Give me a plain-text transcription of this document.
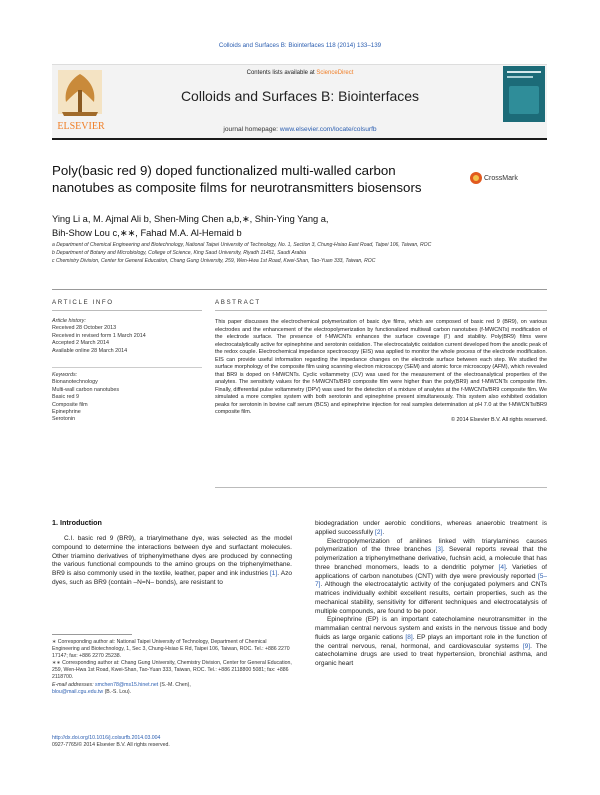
Colloids and Surfaces B: Biointerfaces 118 (2014) 133–139
ELSEVIER
Contents lists available at ScienceDirect
Colloids and Surfaces B: Biointerfaces
journal homepage: www.elsevier.com/locate/colsurfb
Poly(basic red 9) doped functionalized multi-walled carbon nanotubes as composite films for neurotransmitters biosensors
CrossMark
Ying Li a, M. Ajmal Ali b, Shen-Ming Chen a,b,∗, Shin-Ying Yang a,
Bih-Show Lou c,∗∗, Fahad M.A. Al-Hemaid b
a Department of Chemical Engineering and Biotechnology, National Taipei University of Technology, No. 1, Section 3, Chung-Hsiao East Road, Taipei 106, Taiwan, ROC
b Department of Botany and Microbiology, College of Science, King Saud University, Riyadh 11451, Saudi Arabia
c Chemistry Division, Center for General Education, Chang Gung University, 259, Wen-Hwa 1st Road, Kwei-Shan, Tao-Yuan 333, Taiwan, ROC
ARTICLE INFO	ABSTRACT
Article history:
Received 28 October 2013
Received in revised form 1 March 2014
Accepted 2 March 2014
Available online 28 March 2014
Keywords:
Bionanotechnology
Multi-wall carbon nanotubes
Basic red 9
Composite film
Epinephrine
Serotonin
This paper discusses the electrochemical polymerization of basic dye films, which are composed of basic red 9 (BR9), on various electrodes and the enhancement of the electropolymerization by functionalized multiwall carbon nanotubes (f-MWCNTs) modification of the electrode surface. The presence of f-MWCNTs enhances the surface coverage (Γ) and stability. Poly(BR9) films were electrocatalytically active for epinephrine and serotonin oxidation. The electrocatalytic oxidation current developed from the anodic peak of the redox couple. Electrochemical impedance spectroscopy (EIS) was applied to monitor the whole process of the electrode modification. EIS can provide useful information regarding the impedance changes on the electrode surface between each step. We studied the surface morphology of the composite film using scanning electron microscopy (SEM) and atomic force microscopy (AFM), which revealed that BR9 is doped on f-MWCNTs. Cyclic voltammetry (CV) was used for the measurement of the electroanalytical properties of the analytes. The sensitivity values for the f-MWCNTs/BR9 composite film were higher than the poly(BR9) and f-MWCNTs composite film. Finally, differential pulse voltammetry (DPV) was used for the detection of a mixture of analytes at the f-MWCNTs/BR9 composite film. We simulated a more complex system with both serotonin and epinephrine present simultaneously. This system also exhibited oxidation peaks for serotonin in bovine calf serum (BCS) and epinephrine injection for real samples determination at pH 7.0 at the f-MWCNTs/BR9 composite film.
© 2014 Elsevier B.V. All rights reserved.
1. Introduction

C.I. basic red 9 (BR9), a triarylmethane dye, was selected as the model compound to determine the interactions between dye and surfactant molecules. Other triamino derivatives of triphenylmethane dyes are produced by connecting the various functional compounds to the amino groups on the triphenylmethane. BR9 is also commonly used in the textile, leather, paper and ink industries [1]. Azo dyes, such as BR9 (contain –N=N– bonds), are resistant to

∗ Corresponding author at: National Taipei University of Technology, Department of Chemical Engineering and Biotechnology, 1, Sec 3, Chung-Hsiao E Rd, Taipei 106, Taiwan, ROC. Tel.: +886 2270 17147; fax: +886 2270 25238.
∗∗ Corresponding author at: Chang Gung University, Chemistry Division, Center for General Education, 259, Wen-Hwa 1st Road, Kwei-Shan, Tao-Yuan 333, Taiwan, ROC. Tel.: +886 2118800 5081; fax: +886 2118700.
E-mail addresses: smchen78@ms15.hinet.net (S.-M. Chen),
blou@mail.cgu.edu.tw (B.-S. Lou).
http://dx.doi.org/10.1016/j.colsurfb.2014.03.004
0927-7765/© 2014 Elsevier B.V. All rights reserved.

biodegradation under aerobic conditions, whereas anaerobic treatment is applied successfully [2].

Electropolymerization of anilines linked with triarylamines causes polymerization of the three branches [3]. Several reports reveal that the polymerization a triphenylmethane derivative, fuchsin acid, a molecule that has three branched monomers, leads to a dendritic polymer [4]. Varieties of applications of carbon nanotubes (CNT) with dye were previously reported [5–7]. Although the electrocatalytic activity of the conjugated polymers and CNTs matrices individually exhibit excellent results, certain properties, such as the mechanical stability, sensitivity for different techniques and electrocatalysis of multiple compounds, are found to be poor.

Epinephrine (EP) is an important catecholamine neurotransmitter in the mammalian central nervous system and exists in the nervous tissue and body fluids as large organic cations [8]. EP plays an important role in the function of the central nervous, renal, hormonal, and cardiovascular systems [9]. The catecholamine drugs are used to treat hypertension, bronchial asthma, and organic heart
